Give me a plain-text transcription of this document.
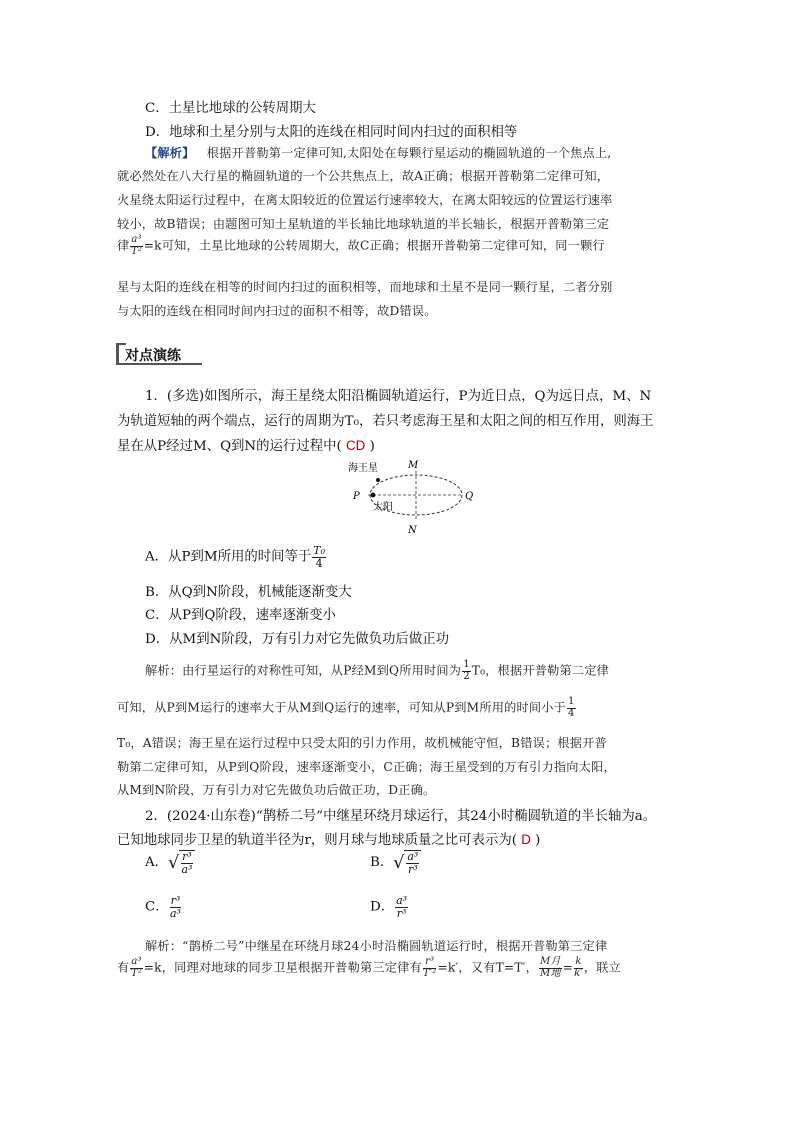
C．土星比地球的公转周期大
D．地球和土星分别与太阳的连线在相同时间内扫过的面积相等
【解析】 根据开普勒第一定律可知,太阳处在每颗行星运动的椭圆轨道的一个焦点上,
就必然处在八大行星的椭圆轨道的一个公共焦点上，故A正确；根据开普勒第二定律可知，
火星绕太阳运行过程中，在离太阳较近的位置运行速率较大，在离太阳较远的位置运行速率
较小，故B错误；由题图可知土星轨道的半长轴比地球轨道的半长轴长，根据开普勒第三定
律 $\frac{\text{a³}}{\text{T²}} =k$可知，土星比地球的公转周期大，故C正确；根据开普勒第二定律可知，同一颗行
星与太阳的连线在相等的时间内扫过的面积相等，而地球和土星不是同一颗行星，二者分别
与太阳的连线在相同时间内扫过的面积不相等，故D错误。
对点演练
1．(多选)如图所示，海王星绕太阳沿椭圆轨道运行，P为近日点，Q为远日点，M、N
为轨道短轴的两个端点，运行的周期为T₀，若只考虑海王星和太阳之间的相互作用，则海王
星在从P经过M、Q到N的运行过程中( CD )
海王星
太阳
P	Q
M
N
A．从P到M所用的时间等于 $\frac{\text{T₀}}{4}$
B．从Q到N阶段，机械能逐渐变大
C．从P到Q阶段，速率逐渐变小
D．从M到N阶段，万有引力对它先做负功后做正功
解析：由行星运行的对称性可知，从P经M到Q所用时间为 $\frac{1}{2} T_0$，根据开普勒第二定律
可知，从P到M运行的速率大于从M到Q运行的速率，可知从P到M所用的时间小于 $\frac{1}{4}$
T₀，A错误；海王星在运行过程中只受太阳的引力作用，故机械能守恒，B错误；根据开普
勒第二定律可知，从P到Q阶段，速率逐渐变小，C正确；海王星受到的万有引力指向太阳，
从M到N阶段，万有引力对它先做负功后做正功，D正确。
2．(2024·山东卷)“鹊桥二号”中继星环绕月球运行，其24小时椭圆轨道的半长轴为a。
已知地球同步卫星的轨道半径为r，则月球与地球质量之比可表示为( D )
A．√ $\frac{\text{r³}}{\text{a³}}$	B．√ $\frac{\text{a³}}{\text{r³}}$
C． $\frac{\text{r³}}{\text{a³}}$	D． $\frac{\text{a³}}{\text{r³}}$
解析：“鹊桥二号”中继星在环绕月球24小时沿椭圆轨道运行时，根据开普勒第三定律
有 $\frac{\text{a³}}{\text{T²}} =k$，同理对地球的同步卫星根据开普勒第三定律有 $\frac{\text{r³}}{\text{T′²}} =k'$，又有T=T′， $\frac{\text{M月}}{\text{M地}} = \frac{k}{k'}$ ，联立
